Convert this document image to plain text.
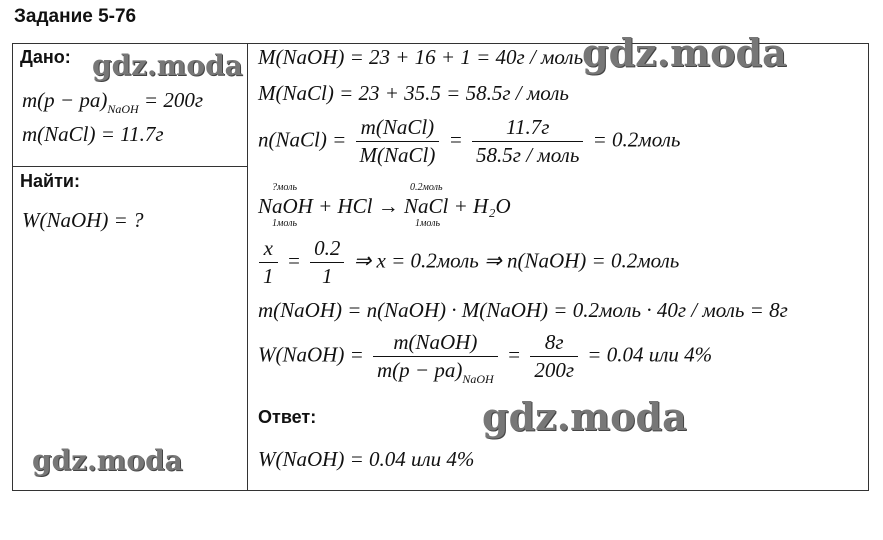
Задание 5-76
Дано:
$m(p - pa)_{NaOH} = 200г$
m(NaCl) = 11.7г
Найти:
W(NaOH) = ?
M(NaOH) = 23 + 16 + 1 = 40г / моль
M(NaCl) = 23 + 35.5 = 58.5г / моль
n(NaCl) = $\frac{\text{m(NaCl)}}{\text{M(NaCl)}} = \frac{11.7г}{\text{58.5г / моль}}$ = 0.2моль
?моль	0.2моль
NaOH + HCl → NaCl + H₂O
1моль	1моль
$\frac{x}{1} = \frac{0.2}{1}$ ⇒ x = 0.2моль ⇒ n(NaOH) = 0.2моль
m(NaOH) = n(NaOH) · M(NaOH) = 0.2моль · 40г / моль = 8г
W(NaOH) = $\frac{\text{m(NaOH)}}{m(p - pa)_{NaOH}} = \frac{8г}{200г} = 0.04$ или 4%
Ответ:
W(NaOH) = 0.04 или 4%
gdz.moda	gdz.moda
gdz.moda
gdz.moda
